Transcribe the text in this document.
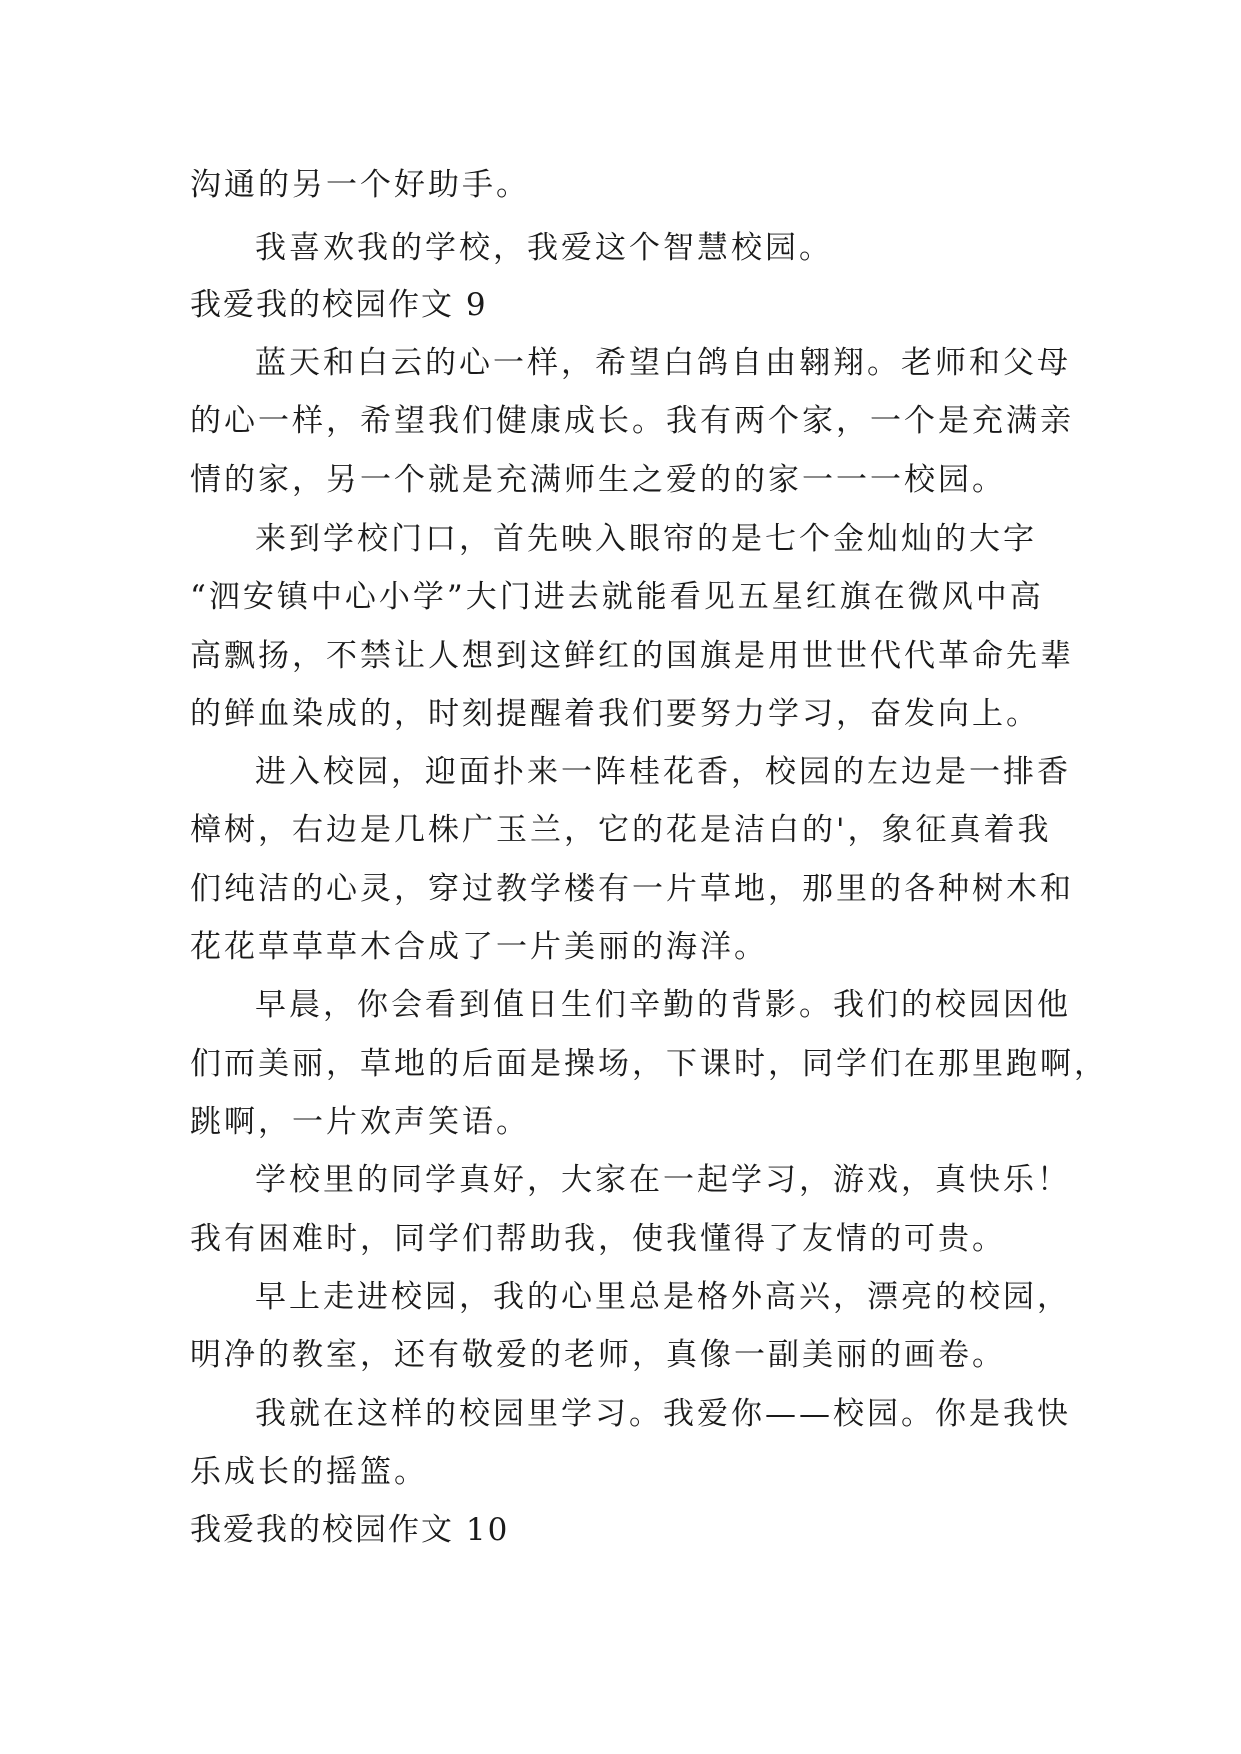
沟通的另一个好助手。
我喜欢我的学校，我爱这个智慧校园。
我爱我的校园作文 9
蓝天和白云的心一样，希望白鸽自由翱翔。老师和父母
的心一样，希望我们健康成长。我有两个家，一个是充满亲
情的家，另一个就是充满师生之爱的的家一一一校园。
来到学校门口，首先映入眼帘的是七个金灿灿的大字
“泗安镇中心小学”大门进去就能看见五星红旗在微风中高
高飘扬，不禁让人想到这鲜红的国旗是用世世代代革命先辈
的鲜血染成的，时刻提醒着我们要努力学习，奋发向上。
进入校园，迎面扑来一阵桂花香，校园的左边是一排香
樟树，右边是几株广玉兰，它的花是洁白的'，象征真着我
们纯洁的心灵，穿过教学楼有一片草地，那里的各种树木和
花花草草草木合成了一片美丽的海洋。
早晨，你会看到值日生们辛勤的背影。我们的校园因他
们而美丽，草地的后面是操场，下课时，同学们在那里跑啊，
跳啊，一片欢声笑语。
学校里的同学真好，大家在一起学习，游戏，真快乐！
我有困难时，同学们帮助我，使我懂得了友情的可贵。
早上走进校园，我的心里总是格外高兴，漂亮的校园，
明净的教室，还有敬爱的老师，真像一副美丽的画卷。
我就在这样的校园里学习。我爱你——校园。你是我快
乐成长的摇篮。
我爱我的校园作文 10
